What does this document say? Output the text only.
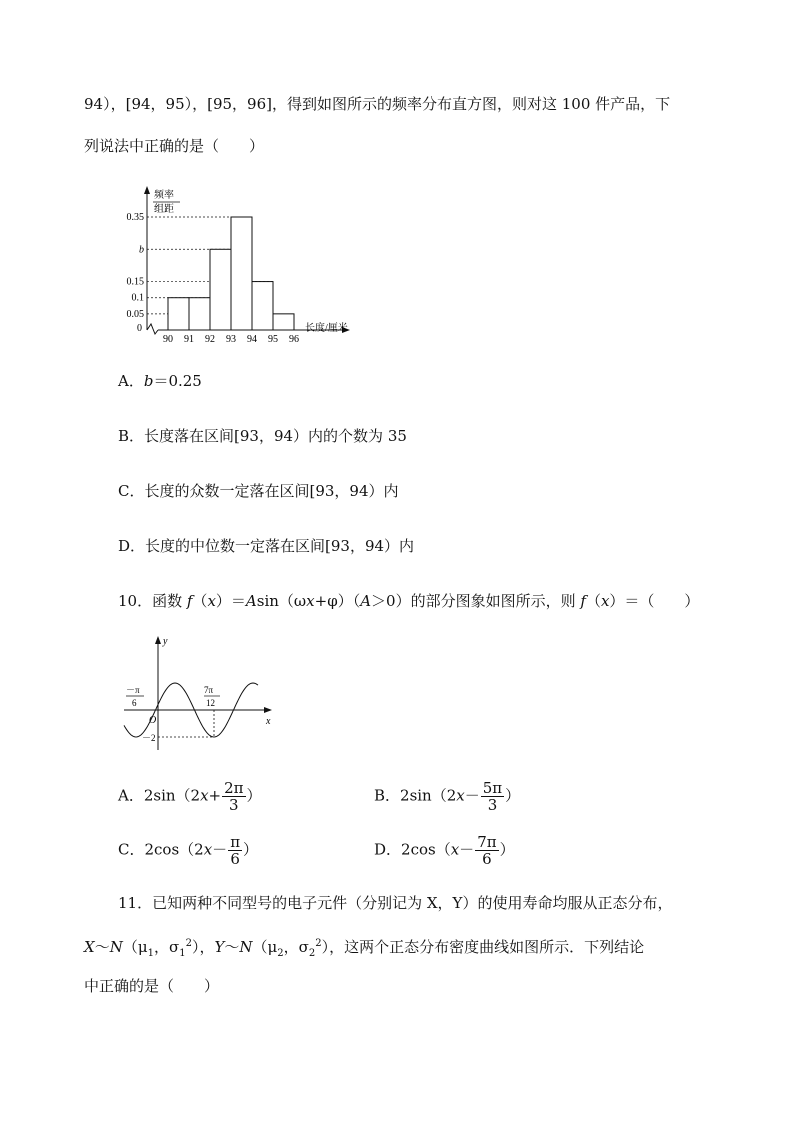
94），[94，95），[95，96]，得到如图所示的频率分布直方图，则对这 100 件产品，下
列说法中正确的是（　　）
频率
组距
0	长度/厘米
0.35
b
0.15
0.1
0.05
90 91 92 93 94 95 96
A．b＝0.25
B．长度落在区间[93，94）内的个数为 35
C．长度的众数一定落在区间[93，94）内
D．长度的中位数一定落在区间[93，94）内
10．函数 f（x）＝Asin（ωx+φ）（A＞0）的部分图象如图所示，则 f（x）＝（　　）
y
x
O
－π
6
7π
12
－2
A．$2\sin(2x+ \frac{2\pi}{3}$ ）	B．$2\sin(2x- \frac{5\pi}{3}$ ）
C．$2\cos(2x- \frac{\pi}{6}$ ）	D．$2\cos(x- \frac{7\pi}{6}$ ）
11．已知两种不同型号的电子元件（分别记为 X，Y）的使用寿命均服从正态分布，
$X\sim N(\mu_1$，$\sigma_1^2$），$Y\sim N(\mu_2$，$\sigma_2^2$），这两个正态分布密度曲线如图所示．下列结论
中正确的是（　　）
